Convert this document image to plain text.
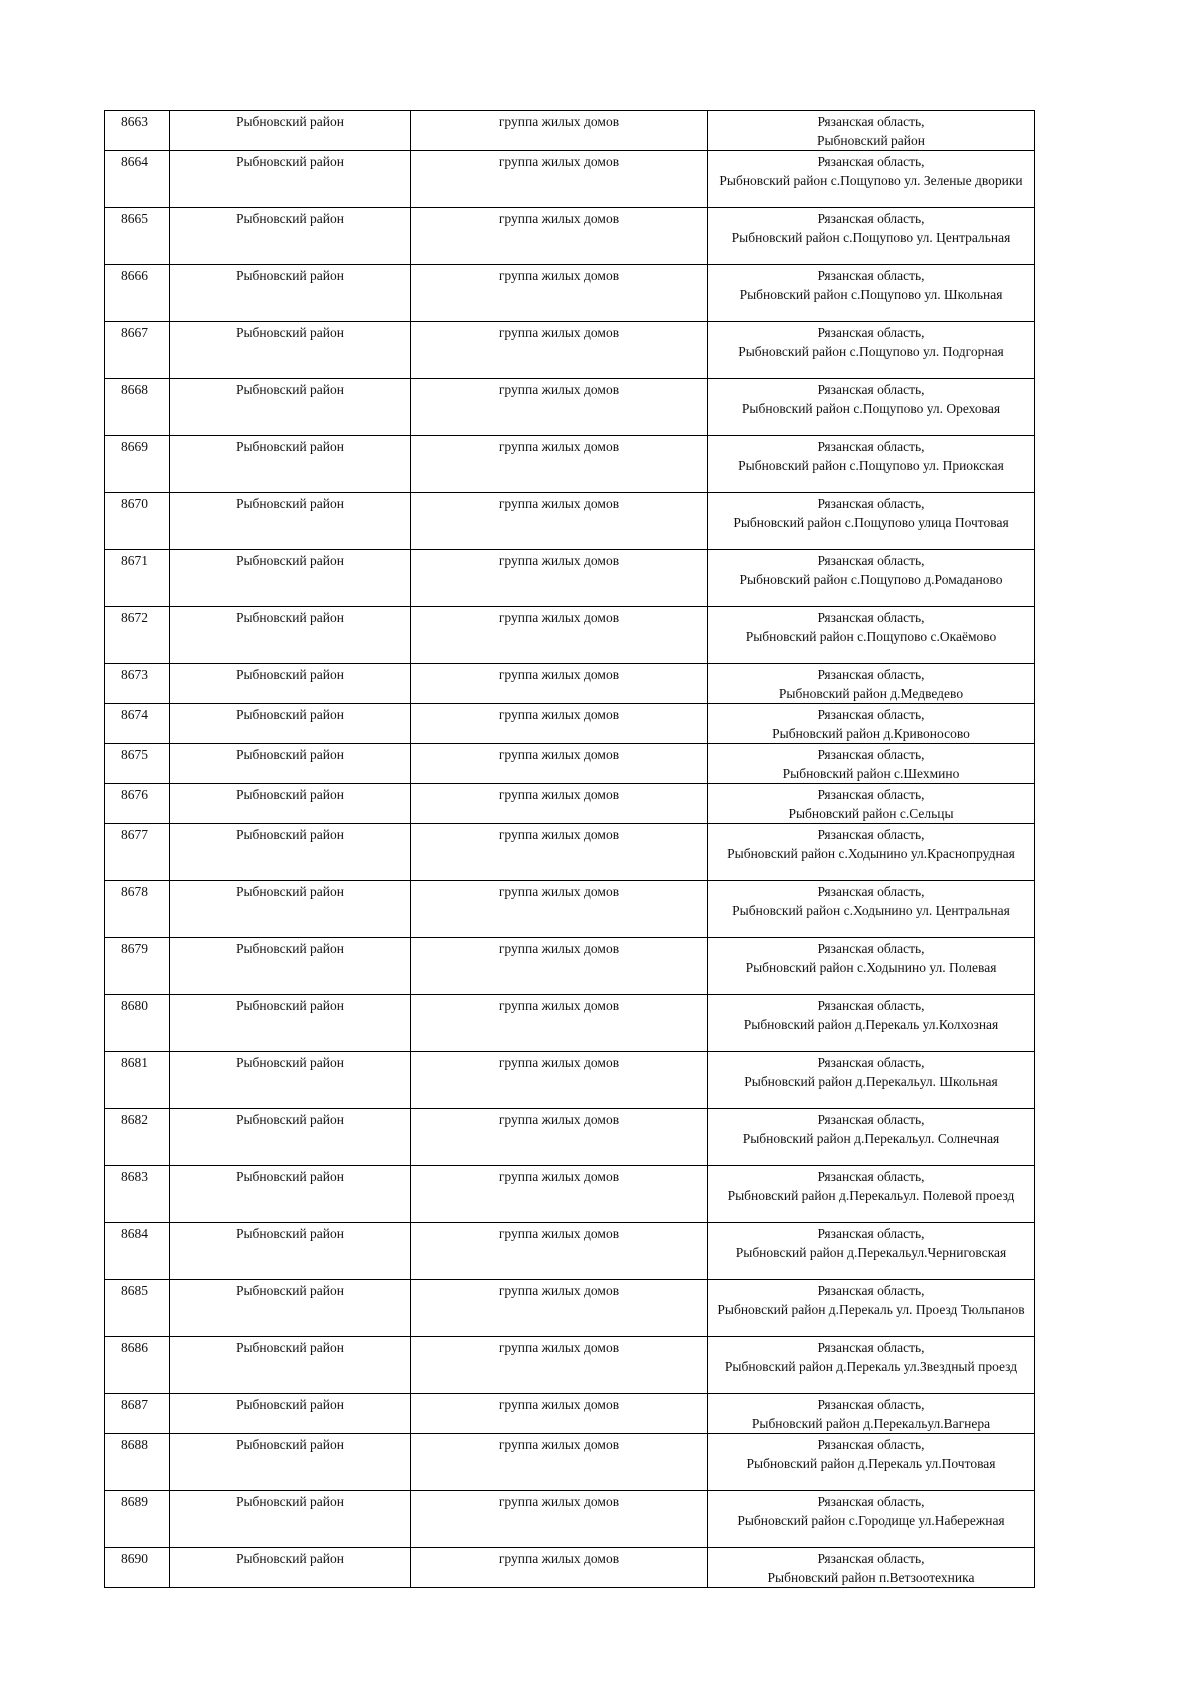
8663	Рыбновский район	группа жилых домов	Рязанская область,
Рыбновский район

8664	Рыбновский район	группа жилых домов	Рязанская область,
Рыбновский район с.Пощупово ул. Зеленые дворики

8665	Рыбновский район	группа жилых домов	Рязанская область,
Рыбновский район с.Пощупово ул. Центральная

8666	Рыбновский район	группа жилых домов	Рязанская область,
Рыбновский район с.Пощупово ул. Школьная

8667	Рыбновский район	группа жилых домов	Рязанская область,
Рыбновский район с.Пощупово ул. Подгорная

8668	Рыбновский район	группа жилых домов	Рязанская область,
Рыбновский район с.Пощупово ул. Ореховая

8669	Рыбновский район	группа жилых домов	Рязанская область,
Рыбновский район с.Пощупово ул. Приокская

8670	Рыбновский район	группа жилых домов	Рязанская область,
Рыбновский район с.Пощупово улица Почтовая

8671	Рыбновский район	группа жилых домов	Рязанская область,
Рыбновский район с.Пощупово д.Ромаданово

8672	Рыбновский район	группа жилых домов	Рязанская область,
Рыбновский район с.Пощупово с.Окаёмово

8673	Рыбновский район	группа жилых домов	Рязанская область,
Рыбновский район д.Медведево

8674	Рыбновский район	группа жилых домов	Рязанская область,
Рыбновский район д.Кривоносово

8675	Рыбновский район	группа жилых домов	Рязанская область,
Рыбновский район с.Шехмино

8676	Рыбновский район	группа жилых домов	Рязанская область,
Рыбновский район с.Сельцы

8677	Рыбновский район	группа жилых домов	Рязанская область,
Рыбновский район с.Ходынино ул.Краснопрудная

8678	Рыбновский район	группа жилых домов	Рязанская область,
Рыбновский район с.Ходынино ул. Центральная

8679	Рыбновский район	группа жилых домов	Рязанская область,
Рыбновский район с.Ходынино ул. Полевая

8680	Рыбновский район	группа жилых домов	Рязанская область,
Рыбновский район д.Перекаль ул.Колхозная

8681	Рыбновский район	группа жилых домов	Рязанская область,
Рыбновский район д.Перекальул. Школьная

8682	Рыбновский район	группа жилых домов	Рязанская область,
Рыбновский район д.Перекальул. Солнечная

8683	Рыбновский район	группа жилых домов	Рязанская область,
Рыбновский район д.Перекальул. Полевой проезд

8684	Рыбновский район	группа жилых домов	Рязанская область,
Рыбновский район д.Перекальул.Черниговская

8685	Рыбновский район	группа жилых домов	Рязанская область,
Рыбновский район д.Перекаль ул. Проезд Тюльпанов

8686	Рыбновский район	группа жилых домов	Рязанская область,
Рыбновский район д.Перекаль ул.Звездный проезд

8687	Рыбновский район	группа жилых домов	Рязанская область,
Рыбновский район д.Перекальул.Вагнера

8688	Рыбновский район	группа жилых домов	Рязанская область,
Рыбновский район д.Перекаль ул.Почтовая

8689	Рыбновский район	группа жилых домов	Рязанская область,
Рыбновский район с.Городище ул.Набережная

8690	Рыбновский район	группа жилых домов	Рязанская область,
Рыбновский район п.Ветзоотехника
